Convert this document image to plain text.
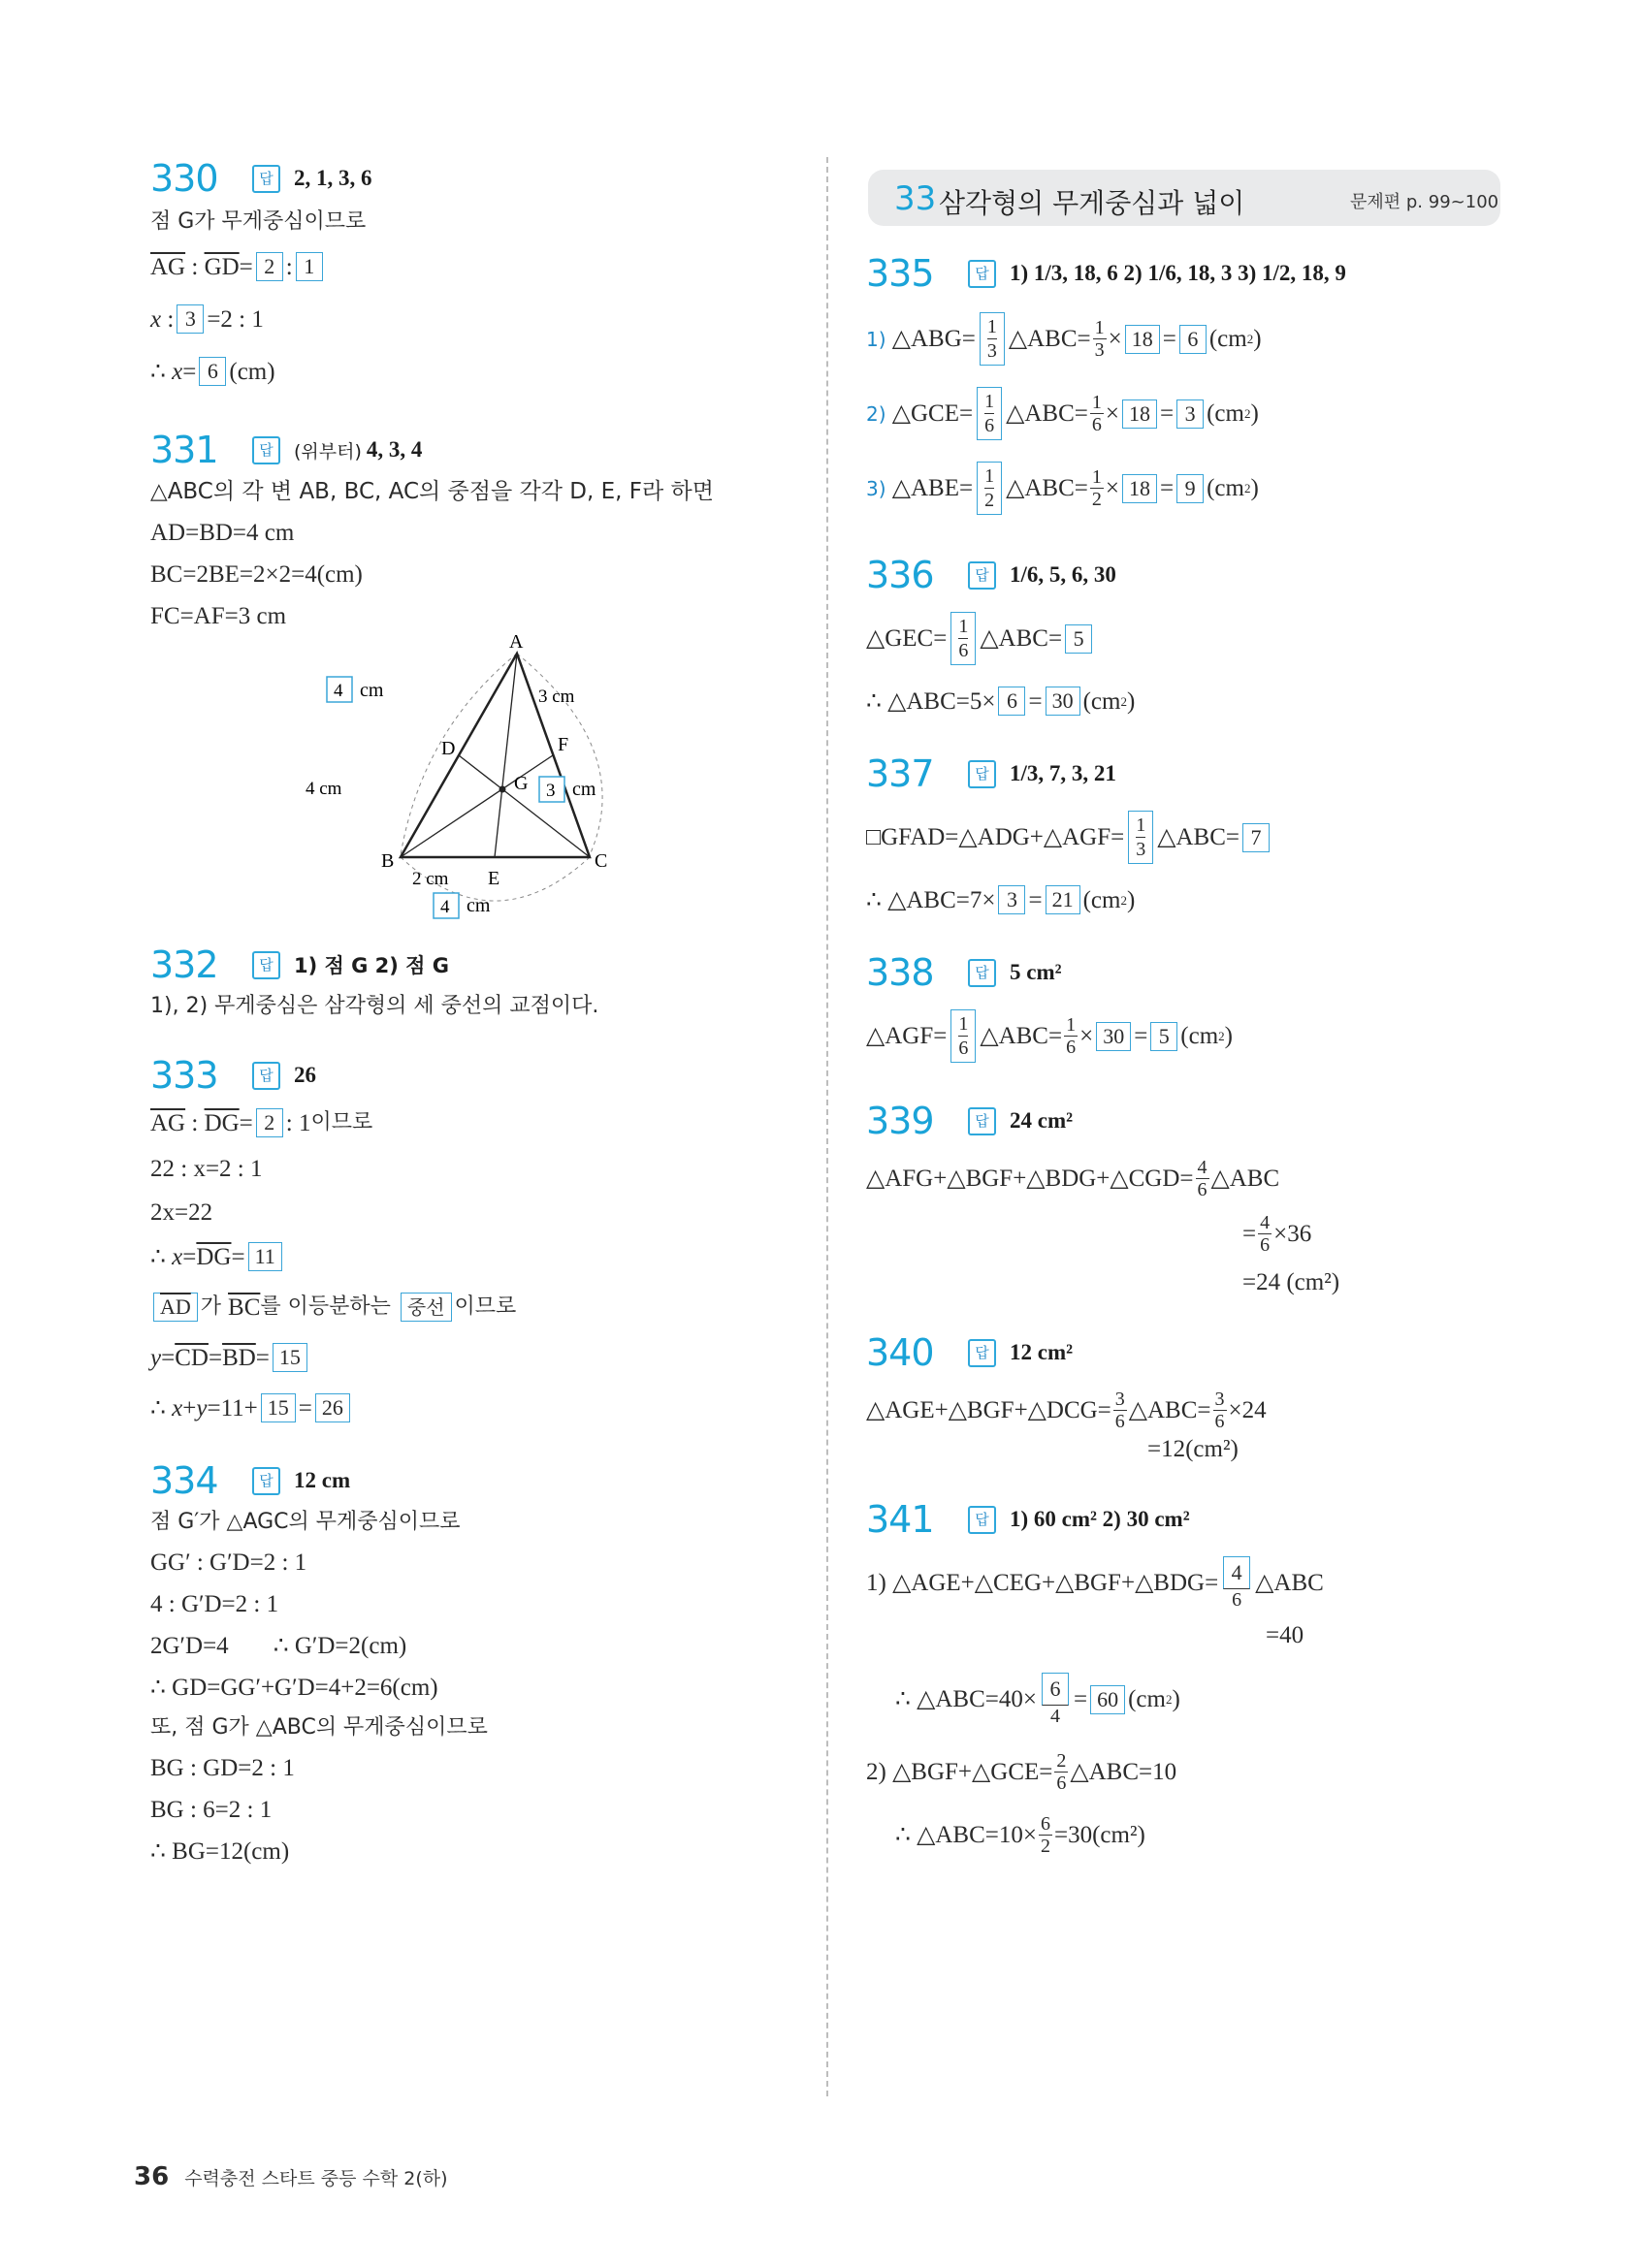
33 삼각형의 무게중심과 넓이	문제편 p. 99~100
330	답 2, 1, 3, 6
점 G가 무게중심이므로
$\overline{AG}$ : $\overline{GD} = 2$ : 1
x : 3 =2 : 1
∴ x = 6 (cm)
331	답	(위부터) 4, 3, 4
△ABC의 각 변 AB, BC, AC의 중점을 각각 D, E, F라 하면
AD=BD=4 cm
BC=2BE=2×2=4(cm)
FC=AF=3 cm
A
B	C
D
E
F
G
4 cm	3 cm
4 cm	3 cm
2 cm
4 cm
332	답	1) 점 G 2) 점 G
1), 2) 무게중심은 삼각형의 세 중선의 교점이다.
333	답 26
$\overline{AG}$ : $\overline{DG} = 2$ : 1 이므로
22 : x=2 : 1
2x=22
∴ $x = \overline{DG} = 11$
$\overline{AD}$ 가 $\overline{BC}$ 를 이등분하는 중선 이므로
$y = \overline{CD} = \overline{BD} = 15$
∴ x + y =11+ 15 = 26
334	답 12 cm
점 G′가 △AGC의 무게중심이므로
GG′ : G′D=2 : 1
4 : G′D=2 : 1
2G′D=4 ∴ G′D=2(cm)
∴ GD=GG′+G′D=4+2=6(cm)
또, 점 G가 △ABC의 무게중심이므로
BG : GD=2 : 1
BG : 6=2 : 1
∴ BG=12(cm)
335	답 1) 1/3, 18, 6 2) 1/6, 18, 3 3) 1/2, 18, 9
1) △ABG= 1
3 △ABC= $\frac{1}{3} \times 18 = 6$ (cm 2 )
2) △GCE= 1
6 △ABC= $\frac{1}{6} \times 18 = 3$ (cm 2 )
3) △ABE= 1
2 △ABC= $\frac{1}{2} \times 18 = 9$ (cm 2 )
336	답 1/6, 5, 6, 30
△GEC= 1
6 △ABC= 5
∴ △ABC=5× 6 = 30 (cm 2 )
337	답 1/3, 7, 3, 21
□GFAD=△ADG+△AGF= 1
3 △ABC= 7
∴ △ABC=7× 3 = 21 (cm 2 )
338	답 5 cm²
△AGF= 1
6 △ABC= $\frac{1}{6} \times 30 = 5$ (cm 2 )
339	답 24 cm²
△AFG+△BGF+△BDG+△CGD= $\frac{4}{6}$ △ABC
= $\frac{4}{6} \times 36$
=24 (cm²)
340	답 12 cm²
△AGE+△BGF+△DCG= $\frac{3}{6}$ △ABC= $\frac{3}{6} \times 24$
=12(cm²)
341	답 1) 60 cm² 2) 30 cm²
1) △AGE+△CEG+△BGF+△BDG= $\frac{4}{6}$ △ABC
=40
∴ △ABC=40× $\frac{6}{4} = 60$ (cm 2 )
2) △BGF+△GCE= $\frac{2}{6}$ △ABC=10
∴ △ABC=10× $\frac{6}{2} =30(cm^2)$
36 수력충전 스타트 중등 수학 2(하)
